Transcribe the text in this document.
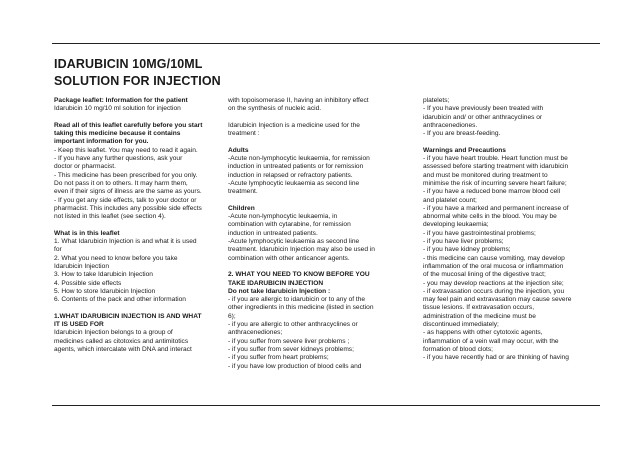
IDARUBICIN 10MG/10ML
SOLUTION FOR INJECTION
Package leaflet: Information for the patient
Idarubicin 10 mg/10 ml solution for injection
Read all of this leaflet carefully before you start
taking this medicine because it contains
important information for you.
- Keep this leaflet. You may need to read it again.
- If you have any further questions, ask your
doctor or pharmacist.
- This medicine has been prescribed for you only.
Do not pass it on to others. It may harm them,
even if their signs of illness are the same as yours.
- If you get any side effects, talk to your doctor or
pharmacist. This includes any possible side effects
not listed in this leaflet (see section 4).
What is in this leaflet
1. What Idarubicin Injection is and what it is used
for
2. What you need to know before you take
Idarubicin Injection
3. How to take Idarubicin Injection
4. Possible side effects
5. How to store Idarubicin Injection
6. Contents of the pack and other information
1.WHAT IDARUBICIN INJECTION IS AND WHAT
IT IS USED FOR
Idarubicin Injection belongs to a group of
medicines called as citotoxics and antimitotics
agents, which intercalate with DNA and interact
with topoisomerase II, having an inhibitory effect
on the synthesis of nucleic acid.
Idarubicin Injection is a medicine used for the
treatment :
Adults
-Acute non-lymphocytic leukaemia, for remission
induction in untreated patients or for remission
induction in relapsed or refractory patients.
-Acute lymphocytic leukaemia as second line
treatment.
Children
-Acute non-lymphocytic leukaemia, in
combination with cytarabine, for remission
induction in untreated patients.
-Acute lymphocytic leukaemia as second line
treatment. Idarubicin Injection may also be used in
combination with other anticancer agents.
2. WHAT YOU NEED TO KNOW BEFORE YOU
TAKE IDARUBICIN INJECTION
Do not take Idarubicin Injection :
- if you are allergic to idarubicin or to any of the
other ingredients in this medicine (listed in section
6);
- if you are allergic to other anthracyclines or
anthracenediones;
- if you suffer from severe liver problems ;
- if you suffer from sever kidneys problems;
- if you suffer from heart problems;
- if you have low production of blood cells and
platelets;
- If you have previously been treated with
idarubicin and/ or other anthracyclines or
anthracenediones.
- If you are breast-feeding.
Warnings and Precautions
- if you have heart trouble. Heart function must be
assessed before starting treatment with idarubicin
and must be monitored during treatment to
minimise the risk of incurring severe heart failure;
- if you have a reduced bone marrow blood cell
and platelet count;
- if you have a marked and permanent increase of
abnormal white cells in the blood. You may be
developing leukaemia;
- if you have gastrointestinal problems;
- if you have liver problems;
- if you have kidney problems;
- this medicine can cause vomiting, may develop
inflammation of the oral mucosa or inflammation
of the mucosal lining of the digestive tract;
- you may develop reactions at the injection site;
- if extravasation occurs during the injection, you
may feel pain and extravasation may cause severe
tissue lesions. If extravasation occurs,
administration of the medicine must be
discontinued immediately;
- as happens with other cytotoxic agents,
inflammation of a vein wall may occur, with the
formation of blood clots;
- if you have recently had or are thinking of having
